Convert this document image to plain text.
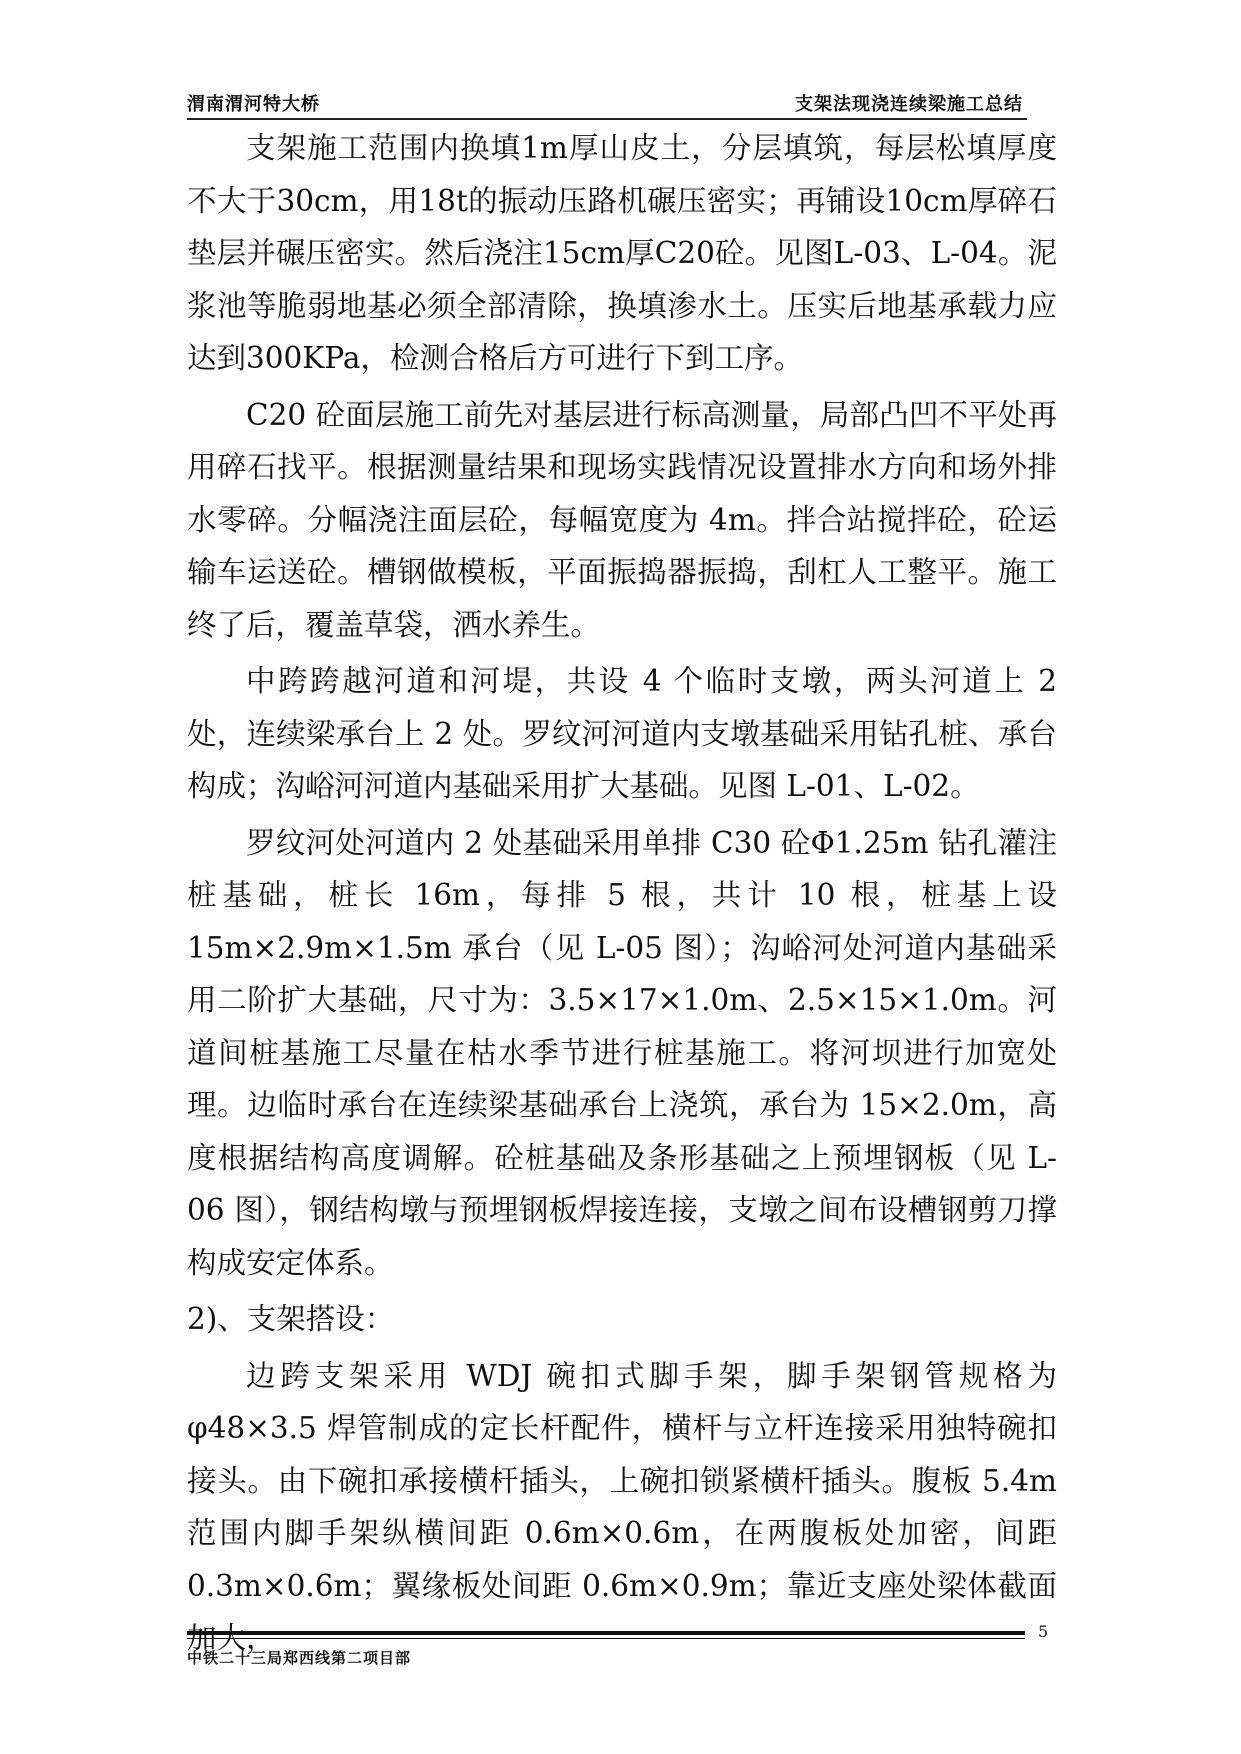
渭南渭河特大桥	支架法现浇连续梁施工总结

支架施工范围内换填1m厚山皮土，分层填筑，每层松填厚度不大于30cm，用18t的振动压路机碾压密实；再铺设10cm厚碎石垫层并碾压密实。然后浇注15cm厚C20砼。见图L-03、L-04。泥浆池等脆弱地基必须全部清除，换填渗水土。压实后地基承载力应达到300KPa，检测合格后方可进行下到工序。

C20 砼面层施工前先对基层进行标高测量，局部凸凹不平处再用碎石找平。根据测量结果和现场实践情况设置排水方向和场外排水零碎。分幅浇注面层砼，每幅宽度为 4m。拌合站搅拌砼，砼运输车运送砼。槽钢做模板，平面振捣器振捣，刮杠人工整平。施工终了后，覆盖草袋，洒水养生。

中跨跨越河道和河堤，共设 4 个临时支墩，两头河道上 2 处，连续梁承台上 2 处。罗纹河河道内支墩基础采用钻孔桩、承台构成；沟峪河河道内基础采用扩大基础。见图 L-01、L-02。

罗纹河处河道内 2 处基础采用单排 C30 砼Φ1.25m 钻孔灌注桩基础，桩长 16m，每排 5 根，共计 10 根，桩基上设 15m×2.9m×1.5m 承台（见 L-05 图）；沟峪河处河道内基础采用二阶扩大基础，尺寸为：3.5×17×1.0m、2.5×15×1.0m。河道间桩基施工尽量在枯水季节进行桩基施工。将河坝进行加宽处理。边临时承台在连续梁基础承台上浇筑，承台为 15×2.0m，高度根据结构高度调解。砼桩基础及条形基础之上预埋钢板（见 L-06 图），钢结构墩与预埋钢板焊接连接，支墩之间布设槽钢剪刀撑构成安定体系。

2)、支架搭设：

边跨支架采用 WDJ 碗扣式脚手架，脚手架钢管规格为φ48×3.5 焊管制成的定长杆配件，横杆与立杆连接采用独特碗扣接头。由下碗扣承接横杆插头，上碗扣锁紧横杆插头。腹板 5.4m 范围内脚手架纵横间距 0.6m×0.6m，在两腹板处加密，间距 0.3m×0.6m；翼缘板处间距 0.6m×0.9m；靠近支座处梁体截面

中铁二十三局郑西线第二项目部
5
